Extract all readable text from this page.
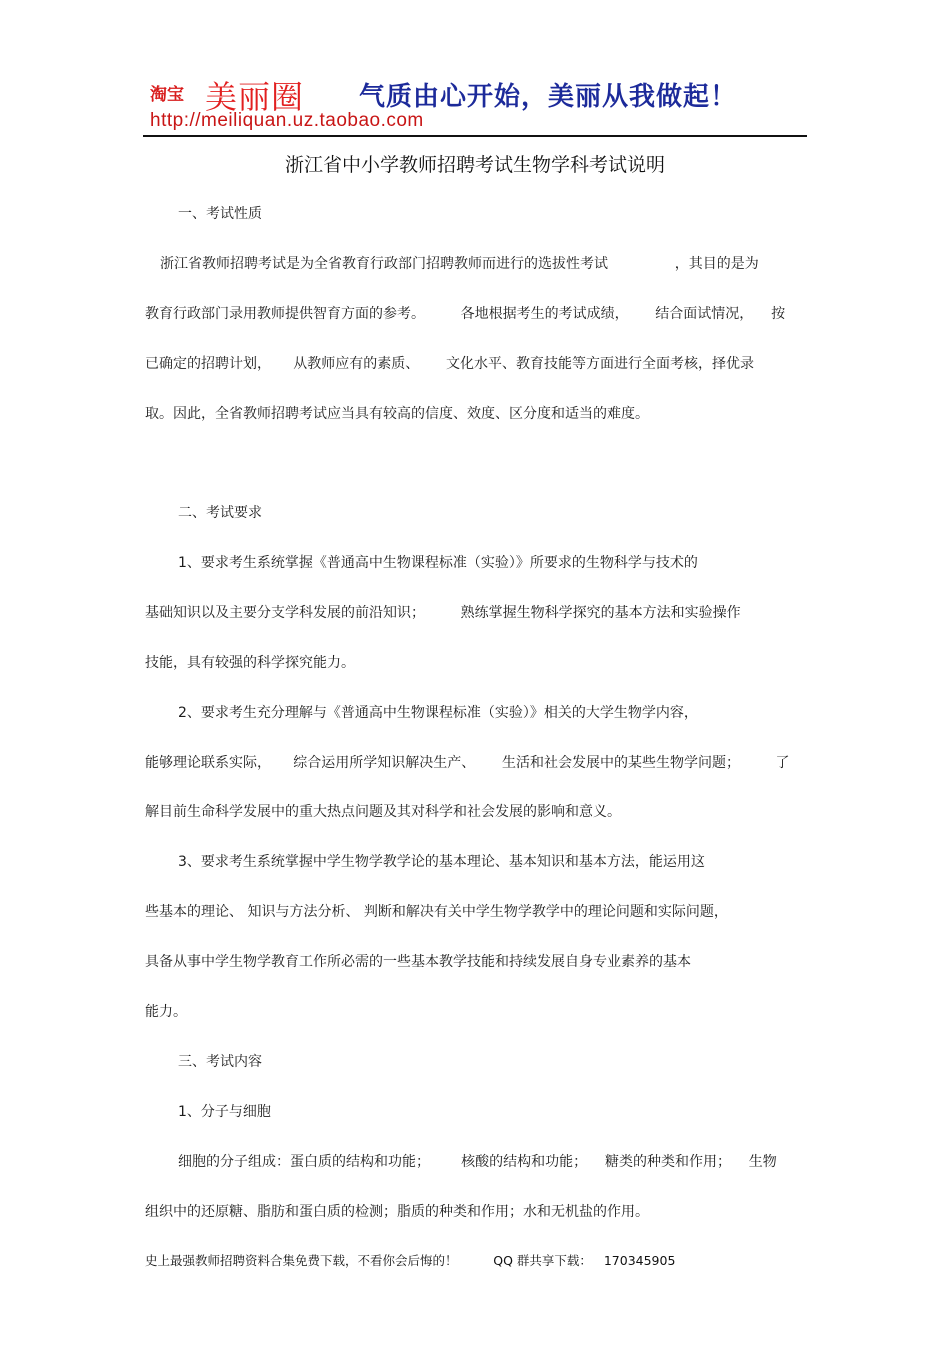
淘宝 美丽圈 气质由心开始，美丽从我做起！
http://meiliquan.uz.taobao.com
浙江省中小学教师招聘考试生物学科考试说明
一、考试性质
浙江省教师招聘考试是为全省教育行政部门招聘教师而进行的选拔性考试               ，其目的是为
教育行政部门录用教师提供智育方面的参考。        各地根据考生的考试成绩，      结合面试情况，    按
已确定的招聘计划，     从教师应有的素质、      文化水平、教育技能等方面进行全面考核，择优录
取。因此，全省教师招聘考试应当具有较高的信度、效度、区分度和适当的难度。
二、考试要求
1、要求考生系统掌握《普通高中生物课程标准（实验）》所要求的生物科学与技术的
基础知识以及主要分支学科发展的前沿知识；        熟练掌握生物科学探究的基本方法和实验操作
技能，具有较强的科学探究能力。
2、要求考生充分理解与《普通高中生物课程标准（实验）》相关的大学生物学内容，
能够理论联系实际，     综合运用所学知识解决生产、      生活和社会发展中的某些生物学问题；        了
解目前生命科学发展中的重大热点问题及其对科学和社会发展的影响和意义。
3、要求考生系统掌握中学生物学教学论的基本理论、基本知识和基本方法，能运用这
些基本的理论、 知识与方法分析、 判断和解决有关中学生物学教学中的理论问题和实际问题，
具备从事中学生物学教育工作所必需的一些基本教学技能和持续发展自身专业素养的基本
能力。
三、考试内容
1、分子与细胞
细胞的分子组成：蛋白质的结构和功能；       核酸的结构和功能；    糖类的种类和作用；    生物
组织中的还原糖、脂肪和蛋白质的检测；脂质的种类和作用；水和无机盐的作用。
史上最强教师招聘资料合集免费下载，不看你会后悔的！         QQ 群共享下载：   170345905
